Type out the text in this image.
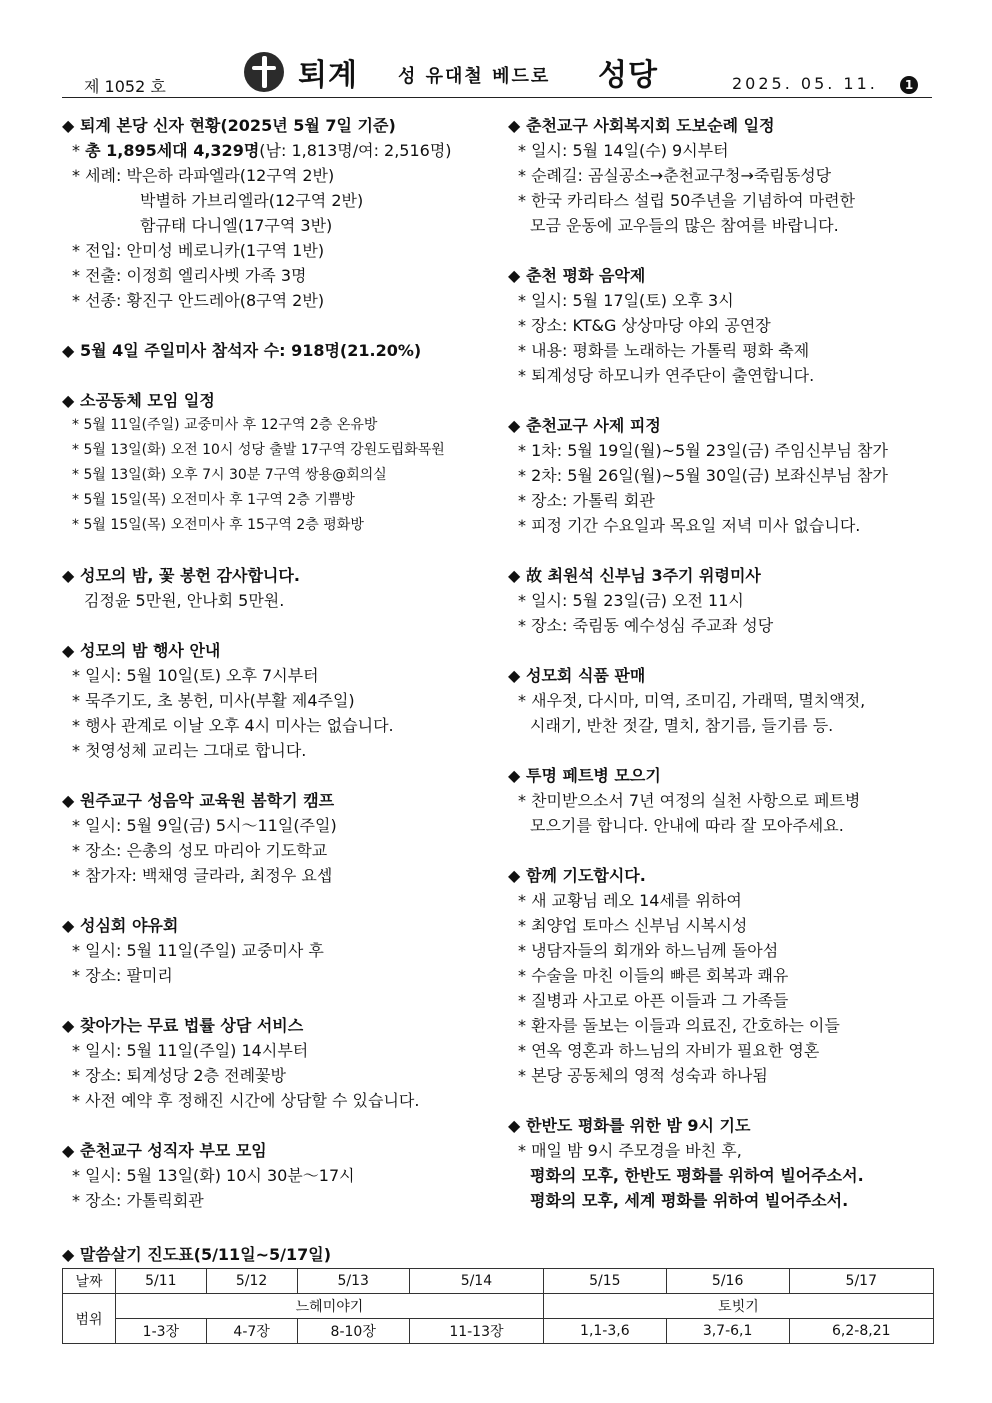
제 1052 호	퇴계 성 유대철 베드로 성당	2025. 05. 11.	1
◆ 퇴계 본당 신자 현황(2025년 5월 7일 기준)
* 총 1,895세대 4,329명(남: 1,813명/여: 2,516명)
* 세례: 박은하 라파엘라(12구역 2반)
박별하 가브리엘라(12구역 2반)
함규태 다니엘(17구역 3반)
* 전입: 안미성 베로니카(1구역 1반)
* 전출: 이정희 엘리사벳 가족 3명
* 선종: 황진구 안드레아(8구역 2반)
◆ 5월 4일 주일미사 참석자 수: 918명(21.20%)
◆ 소공동체 모임 일정
* 5월 11일(주일) 교중미사 후 12구역 2층 온유방
* 5월 13일(화) 오전 10시 성당 출발 17구역 강원도립화목원
* 5월 13일(화) 오후 7시 30분 7구역 쌍용@회의실
* 5월 15일(목) 오전미사 후 1구역 2층 기쁨방
* 5월 15일(목) 오전미사 후 15구역 2층 평화방
◆ 성모의 밤, 꽃 봉헌 감사합니다.
김정윤 5만원, 안나회 5만원.
◆ 성모의 밤 행사 안내
* 일시: 5월 10일(토) 오후 7시부터
* 묵주기도, 초 봉헌, 미사(부활 제4주일)
* 행사 관계로 이날 오후 4시 미사는 없습니다.
* 첫영성체 교리는 그대로 합니다.
◆ 원주교구 성음악 교육원 봄학기 캠프
* 일시: 5월 9일(금) 5시～11일(주일)
* 장소: 은총의 성모 마리아 기도학교
* 참가자: 백채영 글라라, 최정우 요셉
◆ 성심회 야유회
* 일시: 5월 11일(주일) 교중미사 후
* 장소: 팔미리
◆ 찾아가는 무료 법률 상담 서비스
* 일시: 5월 11일(주일) 14시부터
* 장소: 퇴계성당 2층 전례꽃방
* 사전 예약 후 정해진 시간에 상담할 수 있습니다.
◆ 춘천교구 성직자 부모 모임
* 일시: 5월 13일(화) 10시 30분～17시
* 장소: 가톨릭회관
◆ 춘천교구 사회복지회 도보순례 일정
* 일시: 5월 14일(수) 9시부터
* 순례길: 곰실공소→춘천교구청→죽림동성당
* 한국 카리타스 설립 50주년을 기념하여 마련한
모금 운동에 교우들의 많은 참여를 바랍니다.
◆ 춘천 평화 음악제
* 일시: 5월 17일(토) 오후 3시
* 장소: KT&G 상상마당 야외 공연장
* 내용: 평화를 노래하는 가톨릭 평화 축제
* 퇴계성당 하모니카 연주단이 출연합니다.
◆ 춘천교구 사제 피정
* 1차: 5월 19일(월)~5월 23일(금) 주임신부님 참가
* 2차: 5월 26일(월)~5월 30일(금) 보좌신부님 참가
* 장소: 가톨릭 회관
* 피정 기간 수요일과 목요일 저녁 미사 없습니다.
◆ 故 최원석 신부님 3주기 위령미사
* 일시: 5월 23일(금) 오전 11시
* 장소: 죽림동 예수성심 주교좌 성당
◆ 성모회 식품 판매
* 새우젓, 다시마, 미역, 조미김, 가래떡, 멸치액젓,
시래기, 반찬 젓갈, 멸치, 참기름, 들기름 등.
◆ 투명 페트병 모으기
* 찬미받으소서 7년 여정의 실천 사항으로 페트병
모으기를 합니다. 안내에 따라 잘 모아주세요.
◆ 함께 기도합시다.
* 새 교황님 레오 14세를 위하여
* 최양업 토마스 신부님 시복시성
* 냉담자들의 회개와 하느님께 돌아섬
* 수술을 마친 이들의 빠른 회복과 쾌유
* 질병과 사고로 아픈 이들과 그 가족들
* 환자를 돌보는 이들과 의료진, 간호하는 이들
* 연옥 영혼과 하느님의 자비가 필요한 영혼
* 본당 공동체의 영적 성숙과 하나됨
◆ 한반도 평화를 위한 밤 9시 기도
* 매일 밤 9시 주모경을 바친 후,
평화의 모후, 한반도 평화를 위하여 빌어주소서.
평화의 모후, 세계 평화를 위하여 빌어주소서.
◆ 말씀살기 진도표(5/11일~5/17일)
날짜	5/11	5/12	5/13	5/14	5/15	5/16	5/17
범위	느헤미야기				토빗기		
	1-3장	4-7장	8-10장	11-13장	1,1-3,6	3,7-6,1	6,2-8,21
